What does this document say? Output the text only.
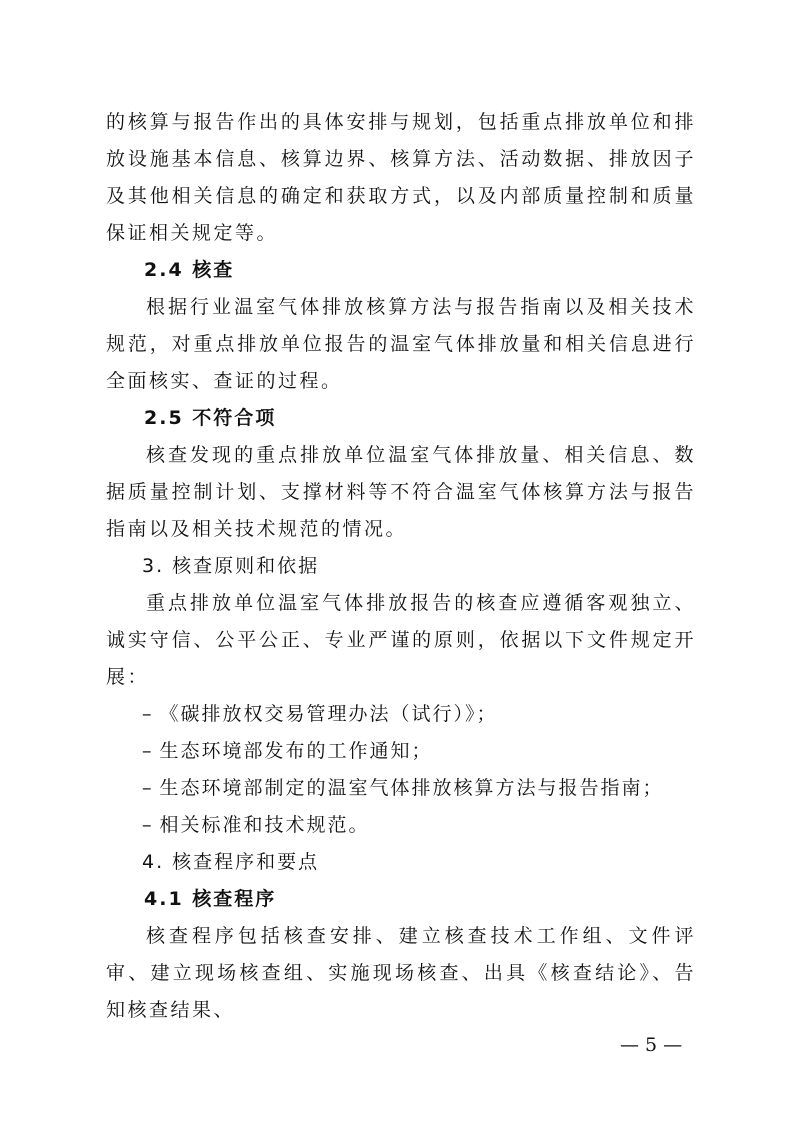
的核算与报告作出的具体安排与规划，包括重点排放单位和排放设施基本信息、核算边界、核算方法、活动数据、排放因子及其他相关信息的确定和获取方式，以及内部质量控制和质量保证相关规定等。

2.4 核查

根据行业温室气体排放核算方法与报告指南以及相关技术规范，对重点排放单位报告的温室气体排放量和相关信息进行全面核实、查证的过程。

2.5 不符合项

核查发现的重点排放单位温室气体排放量、相关信息、数据质量控制计划、支撑材料等不符合温室气体核算方法与报告指南以及相关技术规范的情况。

3. 核查原则和依据

重点排放单位温室气体排放报告的核查应遵循客观独立、诚实守信、公平公正、专业严谨的原则，依据以下文件规定开展：

– 《碳排放权交易管理办法（试行）》；

– 生态环境部发布的工作通知；

– 生态环境部制定的温室气体排放核算方法与报告指南；

– 相关标准和技术规范。

4. 核查程序和要点

4.1 核查程序

核查程序包括核查安排、建立核查技术工作组、文件评审、建立现场核查组、实施现场核查、出具《核查结论》、告知核查结果、

— 5 —
